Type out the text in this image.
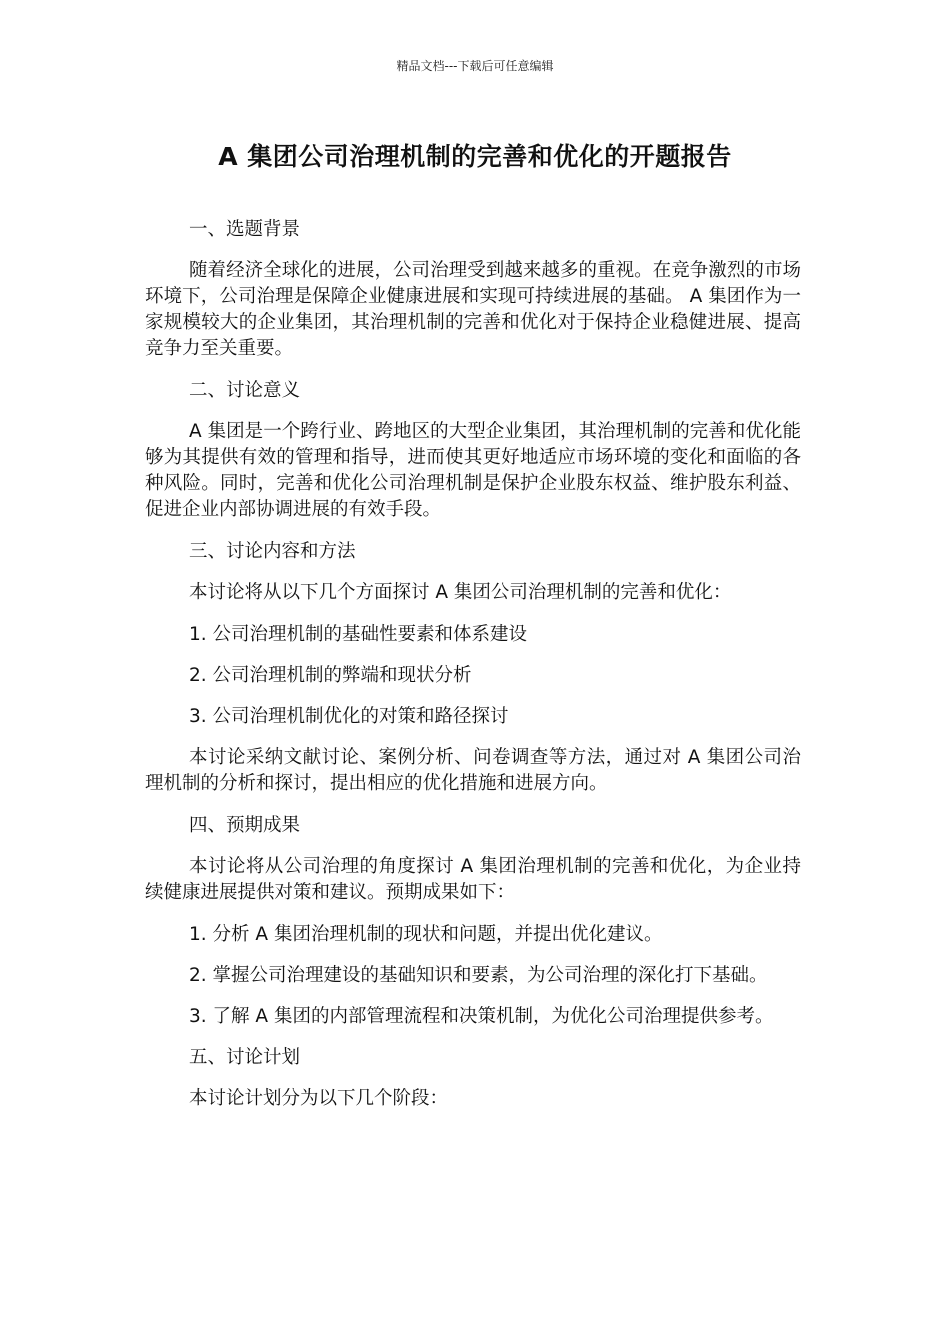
精品文档---下载后可任意编辑
A 集团公司治理机制的完善和优化的开题报告

一、选题背景

随着经济全球化的进展，公司治理受到越来越多的重视。在竞争激烈的市场环境下，公司治理是保障企业健康进展和实现可持续进展的基础。 A 集团作为一家规模较大的企业集团，其治理机制的完善和优化对于保持企业稳健进展、提高竞争力至关重要。

二、讨论意义

A 集团是一个跨行业、跨地区的大型企业集团，其治理机制的完善和优化能够为其提供有效的管理和指导，进而使其更好地适应市场环境的变化和面临的各种风险。同时，完善和优化公司治理机制是保护企业股东权益、维护股东利益、促进企业内部协调进展的有效手段。

三、讨论内容和方法

本讨论将从以下几个方面探讨 A 集团公司治理机制的完善和优化：

1. 公司治理机制的基础性要素和体系建设

2. 公司治理机制的弊端和现状分析

3. 公司治理机制优化的对策和路径探讨

本讨论采纳文献讨论、案例分析、问卷调查等方法，通过对 A 集团公司治理机制的分析和探讨，提出相应的优化措施和进展方向。

四、预期成果

本讨论将从公司治理的角度探讨 A 集团治理机制的完善和优化，为企业持续健康进展提供对策和建议。预期成果如下：

1. 分析 A 集团治理机制的现状和问题，并提出优化建议。

2. 掌握公司治理建设的基础知识和要素，为公司治理的深化打下基础。

3. 了解 A 集团的内部管理流程和决策机制，为优化公司治理提供参考。

五、讨论计划

本讨论计划分为以下几个阶段：
